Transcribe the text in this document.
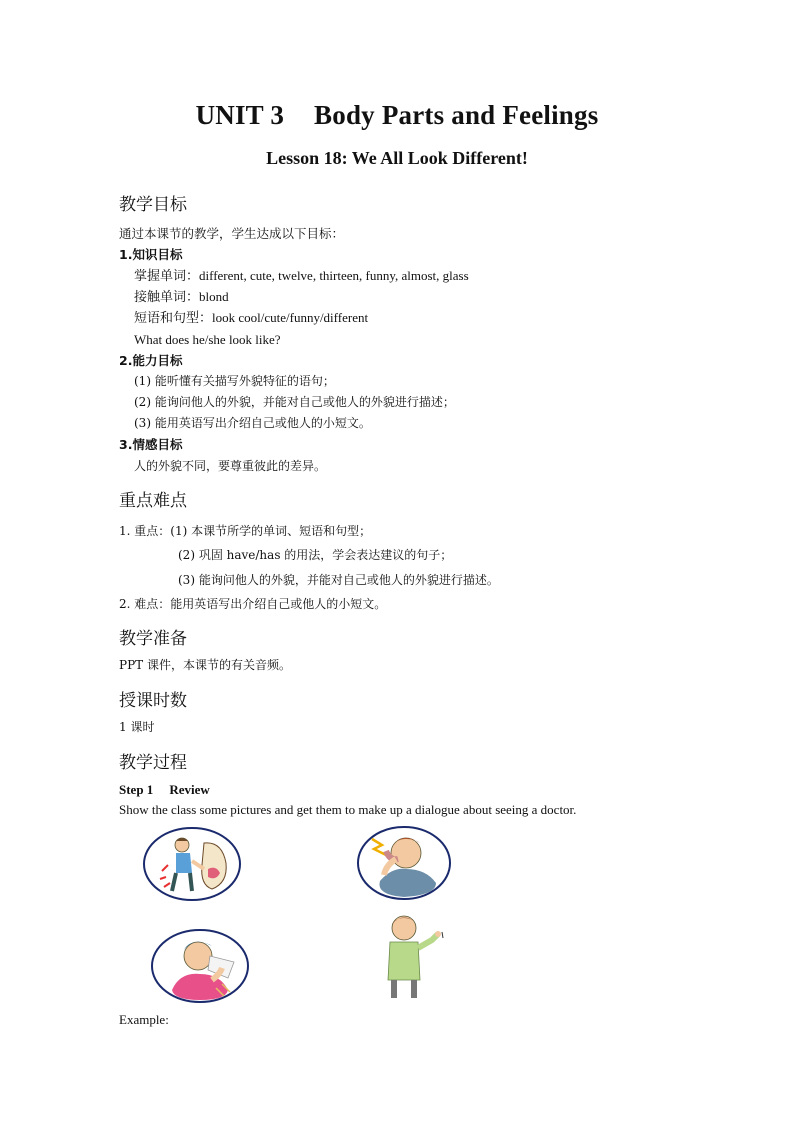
UNIT 3 Body Parts and Feelings
Lesson 18: We All Look Different!
教学目标
通过本课节的教学，学生达成以下目标：
1.知识目标
掌握单词：different, cute, twelve, thirteen, funny, almost, glass
接触单词：blond
短语和句型：look cool/cute/funny/different
What does he/she look like?
2.能力目标
(1) 能听懂有关描写外貌特征的语句；
(2) 能询问他人的外貌，并能对自己或他人的外貌进行描述；
(3) 能用英语写出介绍自己或他人的小短文。
3.情感目标
人的外貌不同，要尊重彼此的差异。
重点难点
1. 重点：(1) 本课节所学的单词、短语和句型；
(2) 巩固 have/has 的用法，学会表达建议的句子；
(3) 能询问他人的外貌，并能对自己或他人的外貌进行描述。
2. 难点：能用英语写出介绍自己或他人的小短文。
教学准备
PPT 课件，本课节的有关音频。
授课时数
1 课时
教学过程
Step 1 Review
Show the class some pictures and get them to make up a dialogue about seeing a doctor.
Example:
